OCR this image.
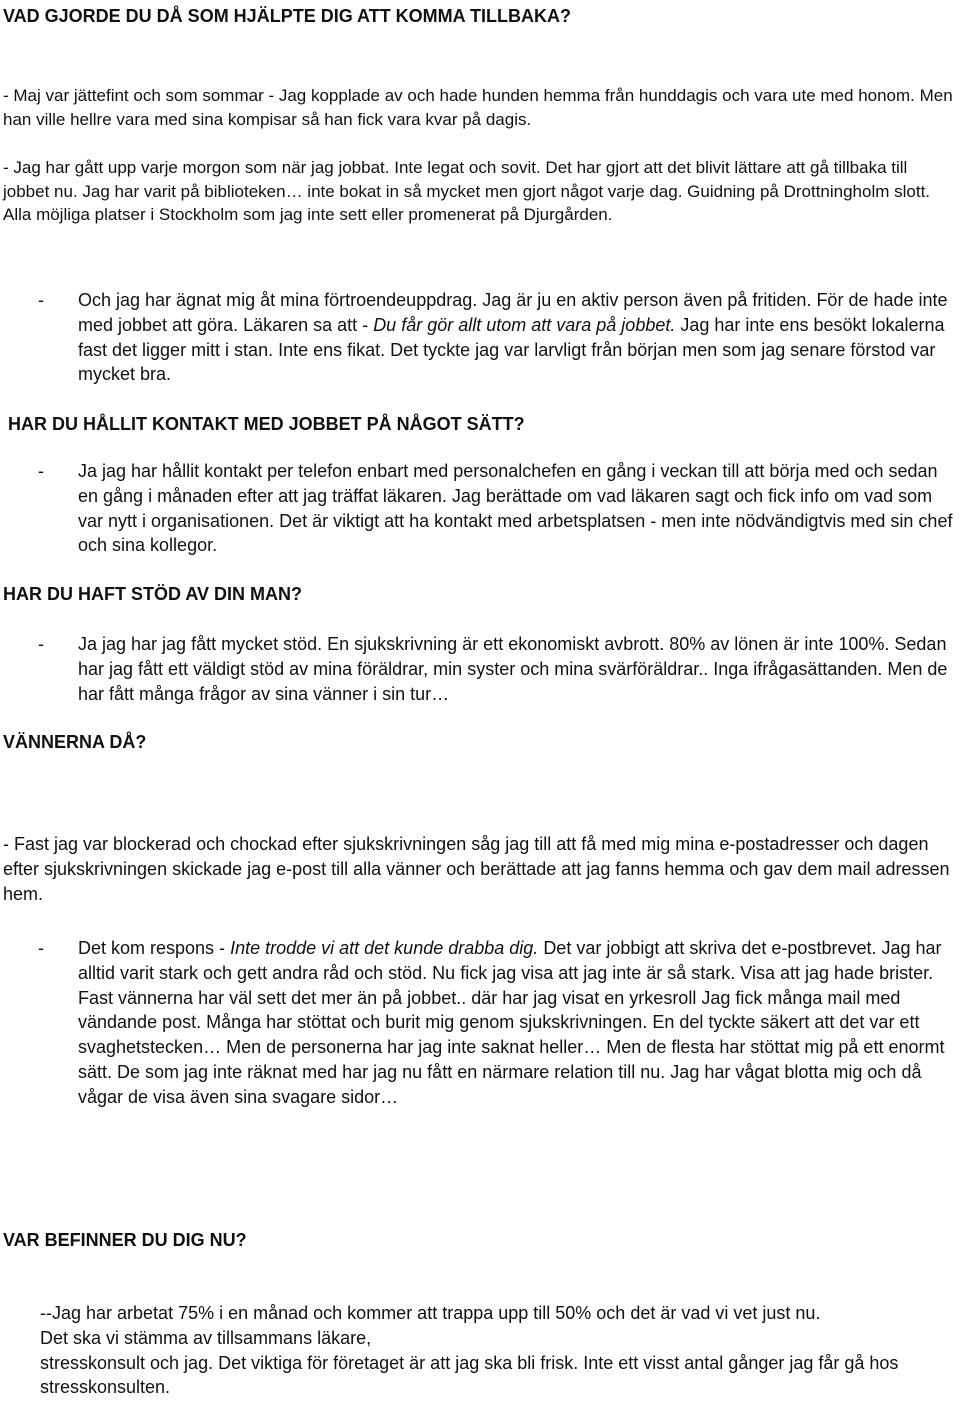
VAD GJORDE DU DÅ SOM HJÄLPTE DIG ATT KOMMA TILLBAKA?

- Maj var jättefint och som sommar - Jag kopplade av och hade hunden hemma från hunddagis och vara ute med honom. Men han ville hellre vara med sina kompisar så han fick vara kvar på dagis.

- Jag har gått upp varje morgon som när jag jobbat. Inte legat och sovit. Det har gjort att det blivit lättare att gå tillbaka till jobbet nu. Jag har varit på biblioteken… inte bokat in så mycket men gjort något varje dag. Guidning på Drottningholm slott. Alla möjliga platser i Stockholm som jag inte sett eller promenerat på Djurgården.

- Och jag har ägnat mig åt mina förtroendeuppdrag. Jag är ju en aktiv person även på fritiden. För de hade inte med jobbet att göra. Läkaren sa att - Du får gör allt utom att vara på jobbet. Jag har inte ens besökt lokalerna fast det ligger mitt i stan. Inte ens fikat. Det tyckte jag var larvligt från början men som jag senare förstod var mycket bra.

HAR DU HÅLLIT KONTAKT MED JOBBET PÅ NÅGOT SÄTT?
- Ja jag har hållit kontakt per telefon enbart med personalchefen en gång i veckan till att börja med och sedan en gång i månaden efter att jag träffat läkaren. Jag berättade om vad läkaren sagt och fick info om vad som var nytt i organisationen. Det är viktigt att ha kontakt med arbetsplatsen - men inte nödvändigtvis med sin chef och sina kollegor.

HAR DU HAFT STÖD AV DIN MAN?
- Ja jag har jag fått mycket stöd. En sjukskrivning är ett ekonomiskt avbrott. 80% av lönen är inte 100%. Sedan har jag fått ett väldigt stöd av mina föräldrar, min syster och mina svärföräldrar.. Inga ifrågasättanden. Men de har fått många frågor av sina vänner i sin tur…

VÄNNERNA DÅ?

- Fast jag var blockerad och chockad efter sjukskrivningen såg jag till att få med mig mina e-postadresser och dagen efter sjukskrivningen skickade jag e-post till alla vänner och berättade att jag fanns hemma och gav dem mail adressen hem.

- Det kom respons - Inte trodde vi att det kunde drabba dig. Det var jobbigt att skriva det e-postbrevet. Jag har alltid varit stark och gett andra råd och stöd. Nu fick jag visa att jag inte är så stark. Visa att jag hade brister.
Fast vännerna har väl sett det mer än på jobbet.. där har jag visat en yrkesroll Jag fick många mail med vändande post. Många har stöttat och burit mig genom sjukskrivningen. En del tyckte säkert att det var ett svaghetstecken… Men de personerna har jag inte saknat heller… Men de flesta har stöttat mig på ett enormt sätt. De som jag inte räknat med har jag nu fått en närmare relation till nu. Jag har vågat blotta mig och då vågar de visa även sina svagare sidor…
VAR BEFINNER DU DIG NU?
--Jag har arbetat 75% i en månad och kommer att trappa upp till 50% och det är vad vi vet just nu.
Det ska vi stämma av tillsammans läkare,
stresskonsult och jag. Det viktiga för företaget är att jag ska bli frisk. Inte ett visst antal gånger jag får gå hos stresskonsulten.
